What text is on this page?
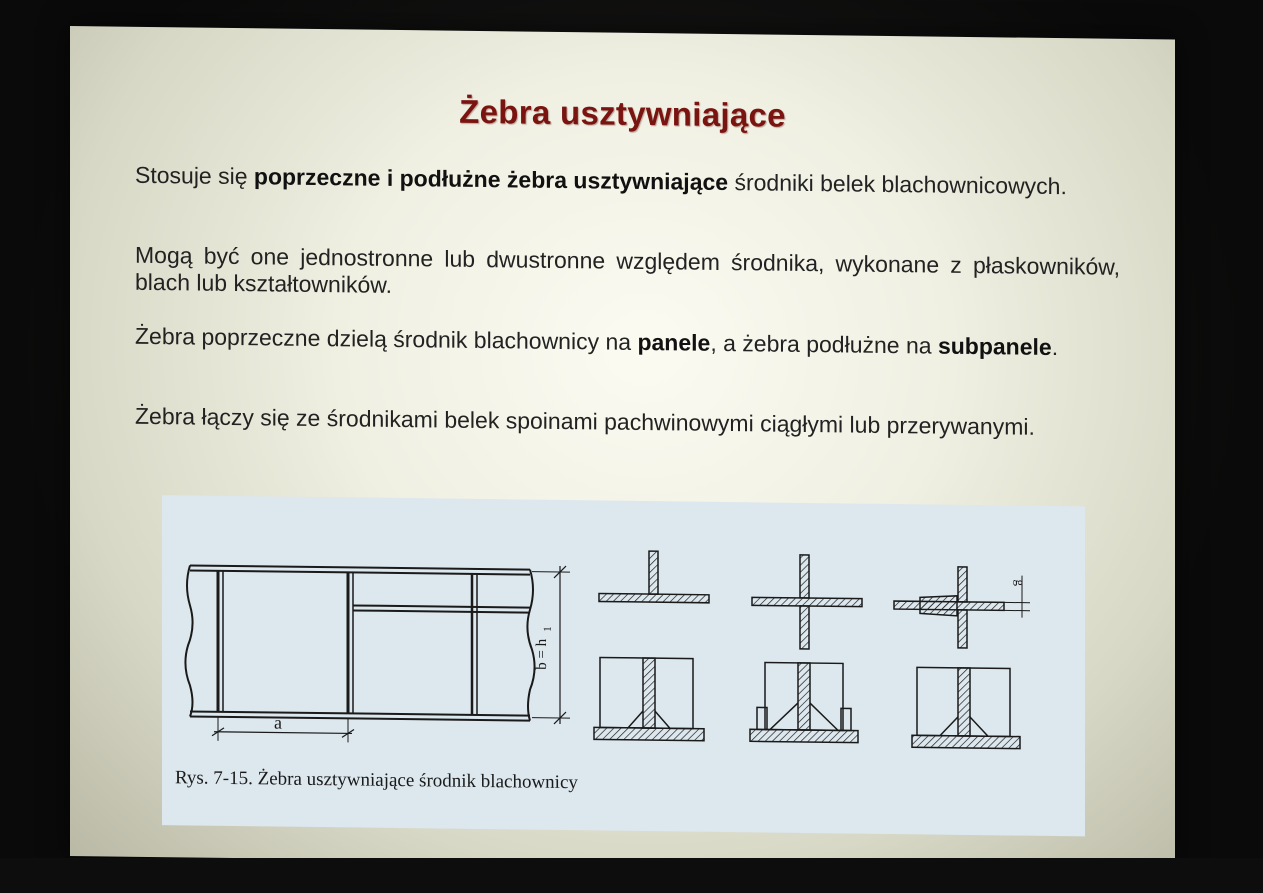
Żebra usztywniające
Stosuje się poprzeczne i podłużne żebra usztywniające środniki belek blachownicowych.
Mogą być one jednostronne lub dwustronne względem środnika, wykonane z płaskowników, blach lub kształtowników.
Żebra poprzeczne dzielą środnik blachownicy na panele, a żebra podłużne na subpanele.
Żebra łączy się ze środnikami belek spoinami pachwinowymi ciągłymi lub przerywanymi.
a
b = h
1
g
Rys. 7-15. Żebra usztywniające środnik blachownicy
